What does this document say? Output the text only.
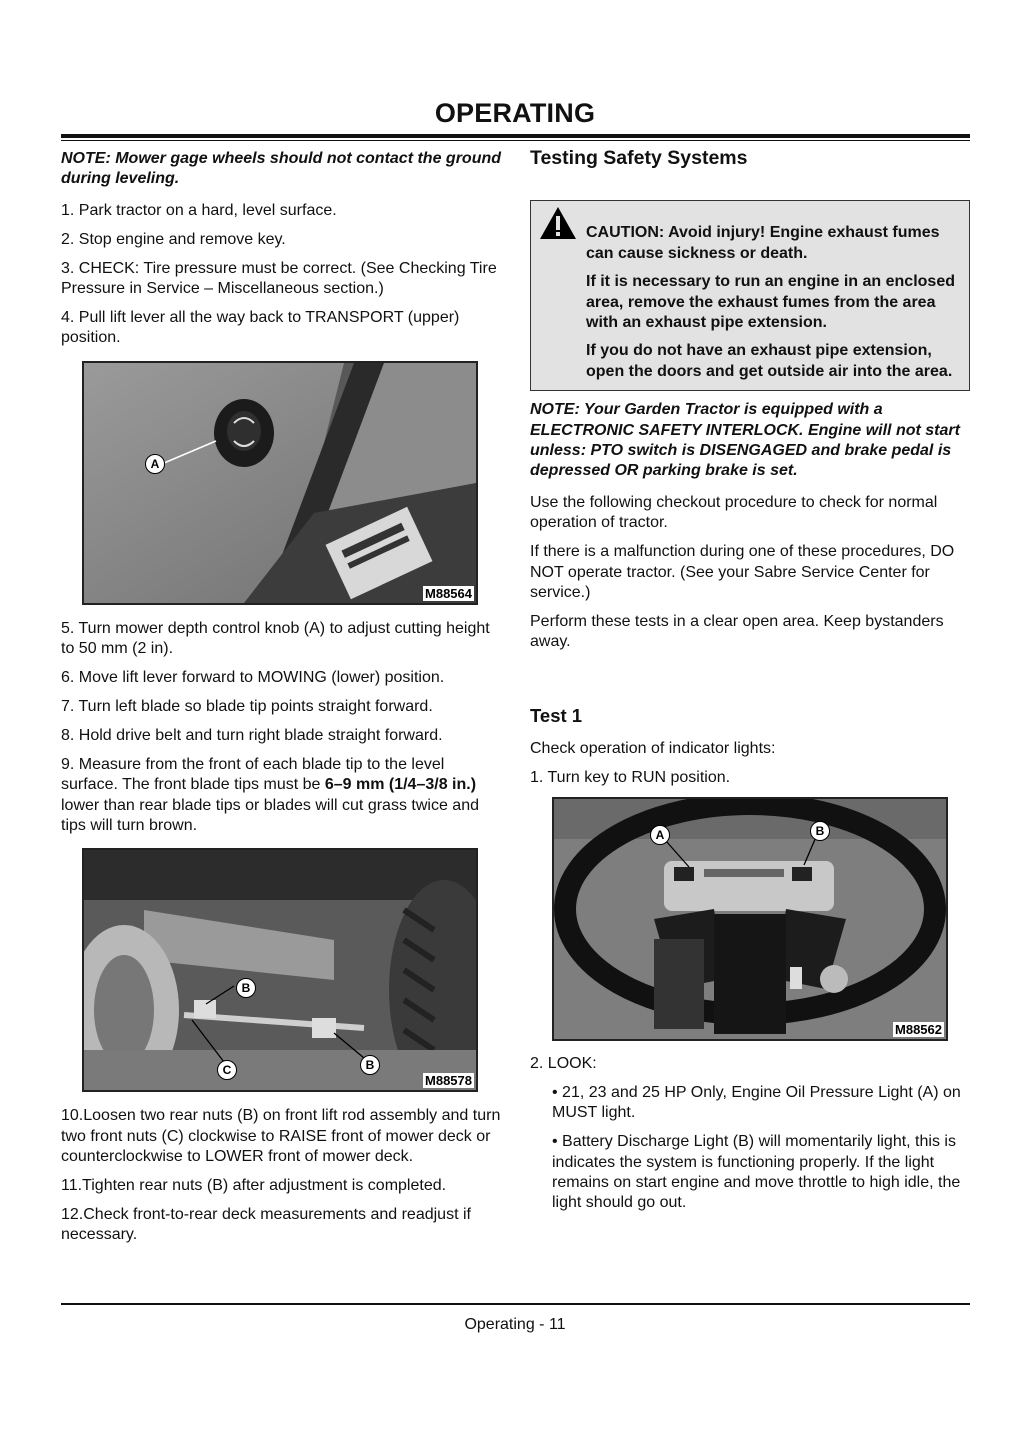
OPERATING

NOTE: Mower gage wheels should not contact the ground during leveling.

1. Park tractor on a hard, level surface.

2. Stop engine and remove key.

3. CHECK: Tire pressure must be correct. (See Checking Tire Pressure in Service – Miscellaneous section.)

4. Pull lift lever all the way back to TRANSPORT (upper) position.

A
M88564

5. Turn mower depth control knob (A) to adjust cutting height to 50 mm (2 in).

6. Move lift lever forward to MOWING (lower) position.

7. Turn left blade so blade tip points straight forward.

8. Hold drive belt and turn right blade straight forward.

9. Measure from the front of each blade tip to the level surface. The front blade tips must be 6–9 mm (1/4–3/8 in.) lower than rear blade tips or blades will cut grass twice and tips will turn brown.

B
B
C
M88578

10.Loosen two rear nuts (B) on front lift rod assembly and turn two front nuts (C) clockwise to RAISE front of mower deck or counterclockwise to LOWER front of mower deck.

11.Tighten rear nuts (B) after adjustment is completed.

12.Check front-to-rear deck measurements and readjust if necessary.

Testing Safety Systems

CAUTION: Avoid injury! Engine exhaust fumes can cause sickness or death.

If it is necessary to run an engine in an enclosed area, remove the exhaust fumes from the area with an exhaust pipe extension.

If you do not have an exhaust pipe extension, open the doors and get outside air into the area.

NOTE: Your Garden Tractor is equipped with a ELECTRONIC SAFETY INTERLOCK. Engine will not start unless: PTO switch is DISENGAGED and brake pedal is depressed OR parking brake is set.

Use the following checkout procedure to check for normal operation of tractor.

If there is a malfunction during one of these procedures, DO NOT operate tractor. (See your Sabre Service Center for service.)

Perform these tests in a clear open area. Keep bystanders away.

Test 1

Check operation of indicator lights:

1. Turn key to RUN position.

A	B
M88562

2. LOOK:

• 21, 23 and 25 HP Only, Engine Oil Pressure Light (A) on MUST light.

• Battery Discharge Light (B) will momentarily light, this is indicates the system is functioning properly. If the light remains on start engine and move throttle to high idle, the light should go out.

Operating - 11
